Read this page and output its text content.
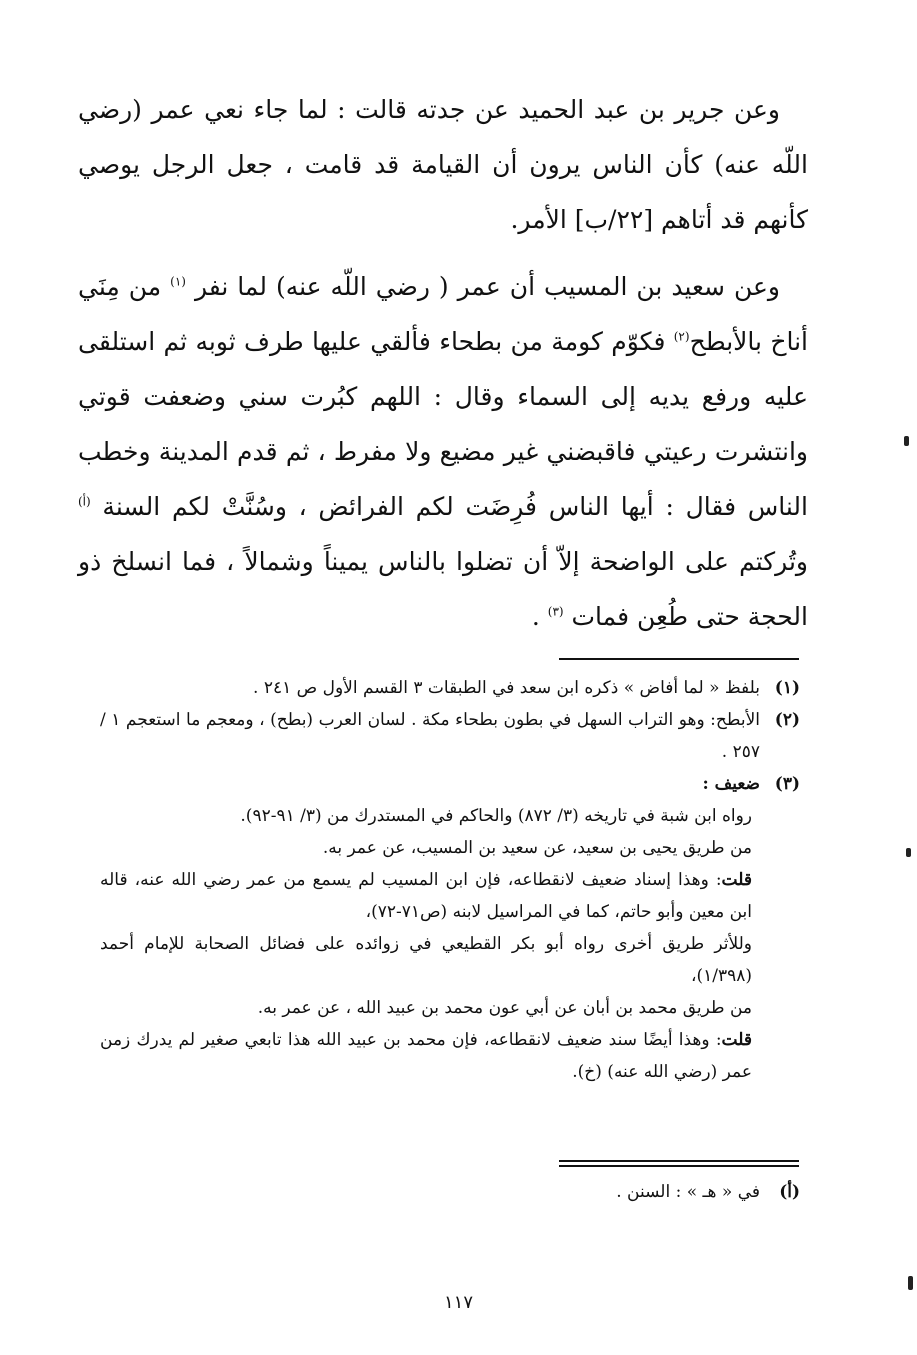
وعن جرير بن عبد الحميد عن جدته قالت : لما جاء نعي عمر (رضي اللّه عنه) كأن الناس يرون أن القيامة قد قامت ، جعل الرجل يوصي كأنهم قد أتاهم [٢٢/ب] الأمر.

وعن سعيد بن المسيب أن عمر ( رضي اللّه عنه) لما نفر $^{(١)}$ من مِنَي أناخ بالأبطح$^{(٢)}$ فكوّم كومة من بطحاء فألقي عليها طرف ثوبه ثم استلقى عليه ورفع يديه إلى السماء وقال : اللهم كبُرت سني وضعفت قوتي وانتشرت رعيتي فاقبضني غير مضيع ولا مفرط ، ثم قدم المدينة وخطب الناس فقال : أيها الناس فُرِضَت لكم الفرائض ، وسُنَّتْ لكم السنة $^{(أ)}$ وتُركتم على الواضحة إلاّ أن تضلوا بالناس يميناً وشمالاً ، فما انسلخ ذو الحجة حتى طُعِن فمات $^{(٣)}$ .

(١)
بلفظ « لما أفاض » ذكره ابن سعد في الطبقات ٣ القسم الأول ص ٢٤١ .
(٢)
الأبطح: وهو التراب السهل في بطون بطحاء مكة . لسان العرب (بطح) ، ومعجم ما استعجم ١ / ٢٥٧ .
(٣)
ضعيف :
رواه ابن شبة في تاريخه (٣/ ٨٧٢) والحاكم في المستدرك من (٣/ ٩١-٩٢).
من طريق يحيى بن سعيد، عن سعيد بن المسيب، عن عمر به.
قلت: وهذا إسناد ضعيف لانقطاعه، فإن ابن المسيب لم يسمع من عمر رضي الله عنه، قاله ابن معين وأبو حاتم، كما في المراسيل لابنه (ص٧١-٧٢)،
وللأثر طريق أخرى رواه أبو بكر القطيعي في زوائده على فضائل الصحابة للإمام أحمد (١/٣٩٨)،
من طريق محمد بن أبان عن أبي عون محمد بن عبيد الله ، عن عمر به.
قلت: وهذا أيضًا سند ضعيف لانقطاعه، فإن محمد بن عبيد الله هذا تابعي صغير لم يدرك زمن عمر (رضي الله عنه) (خ).
(أ)
في « هـ » : السنن .
١١٧
